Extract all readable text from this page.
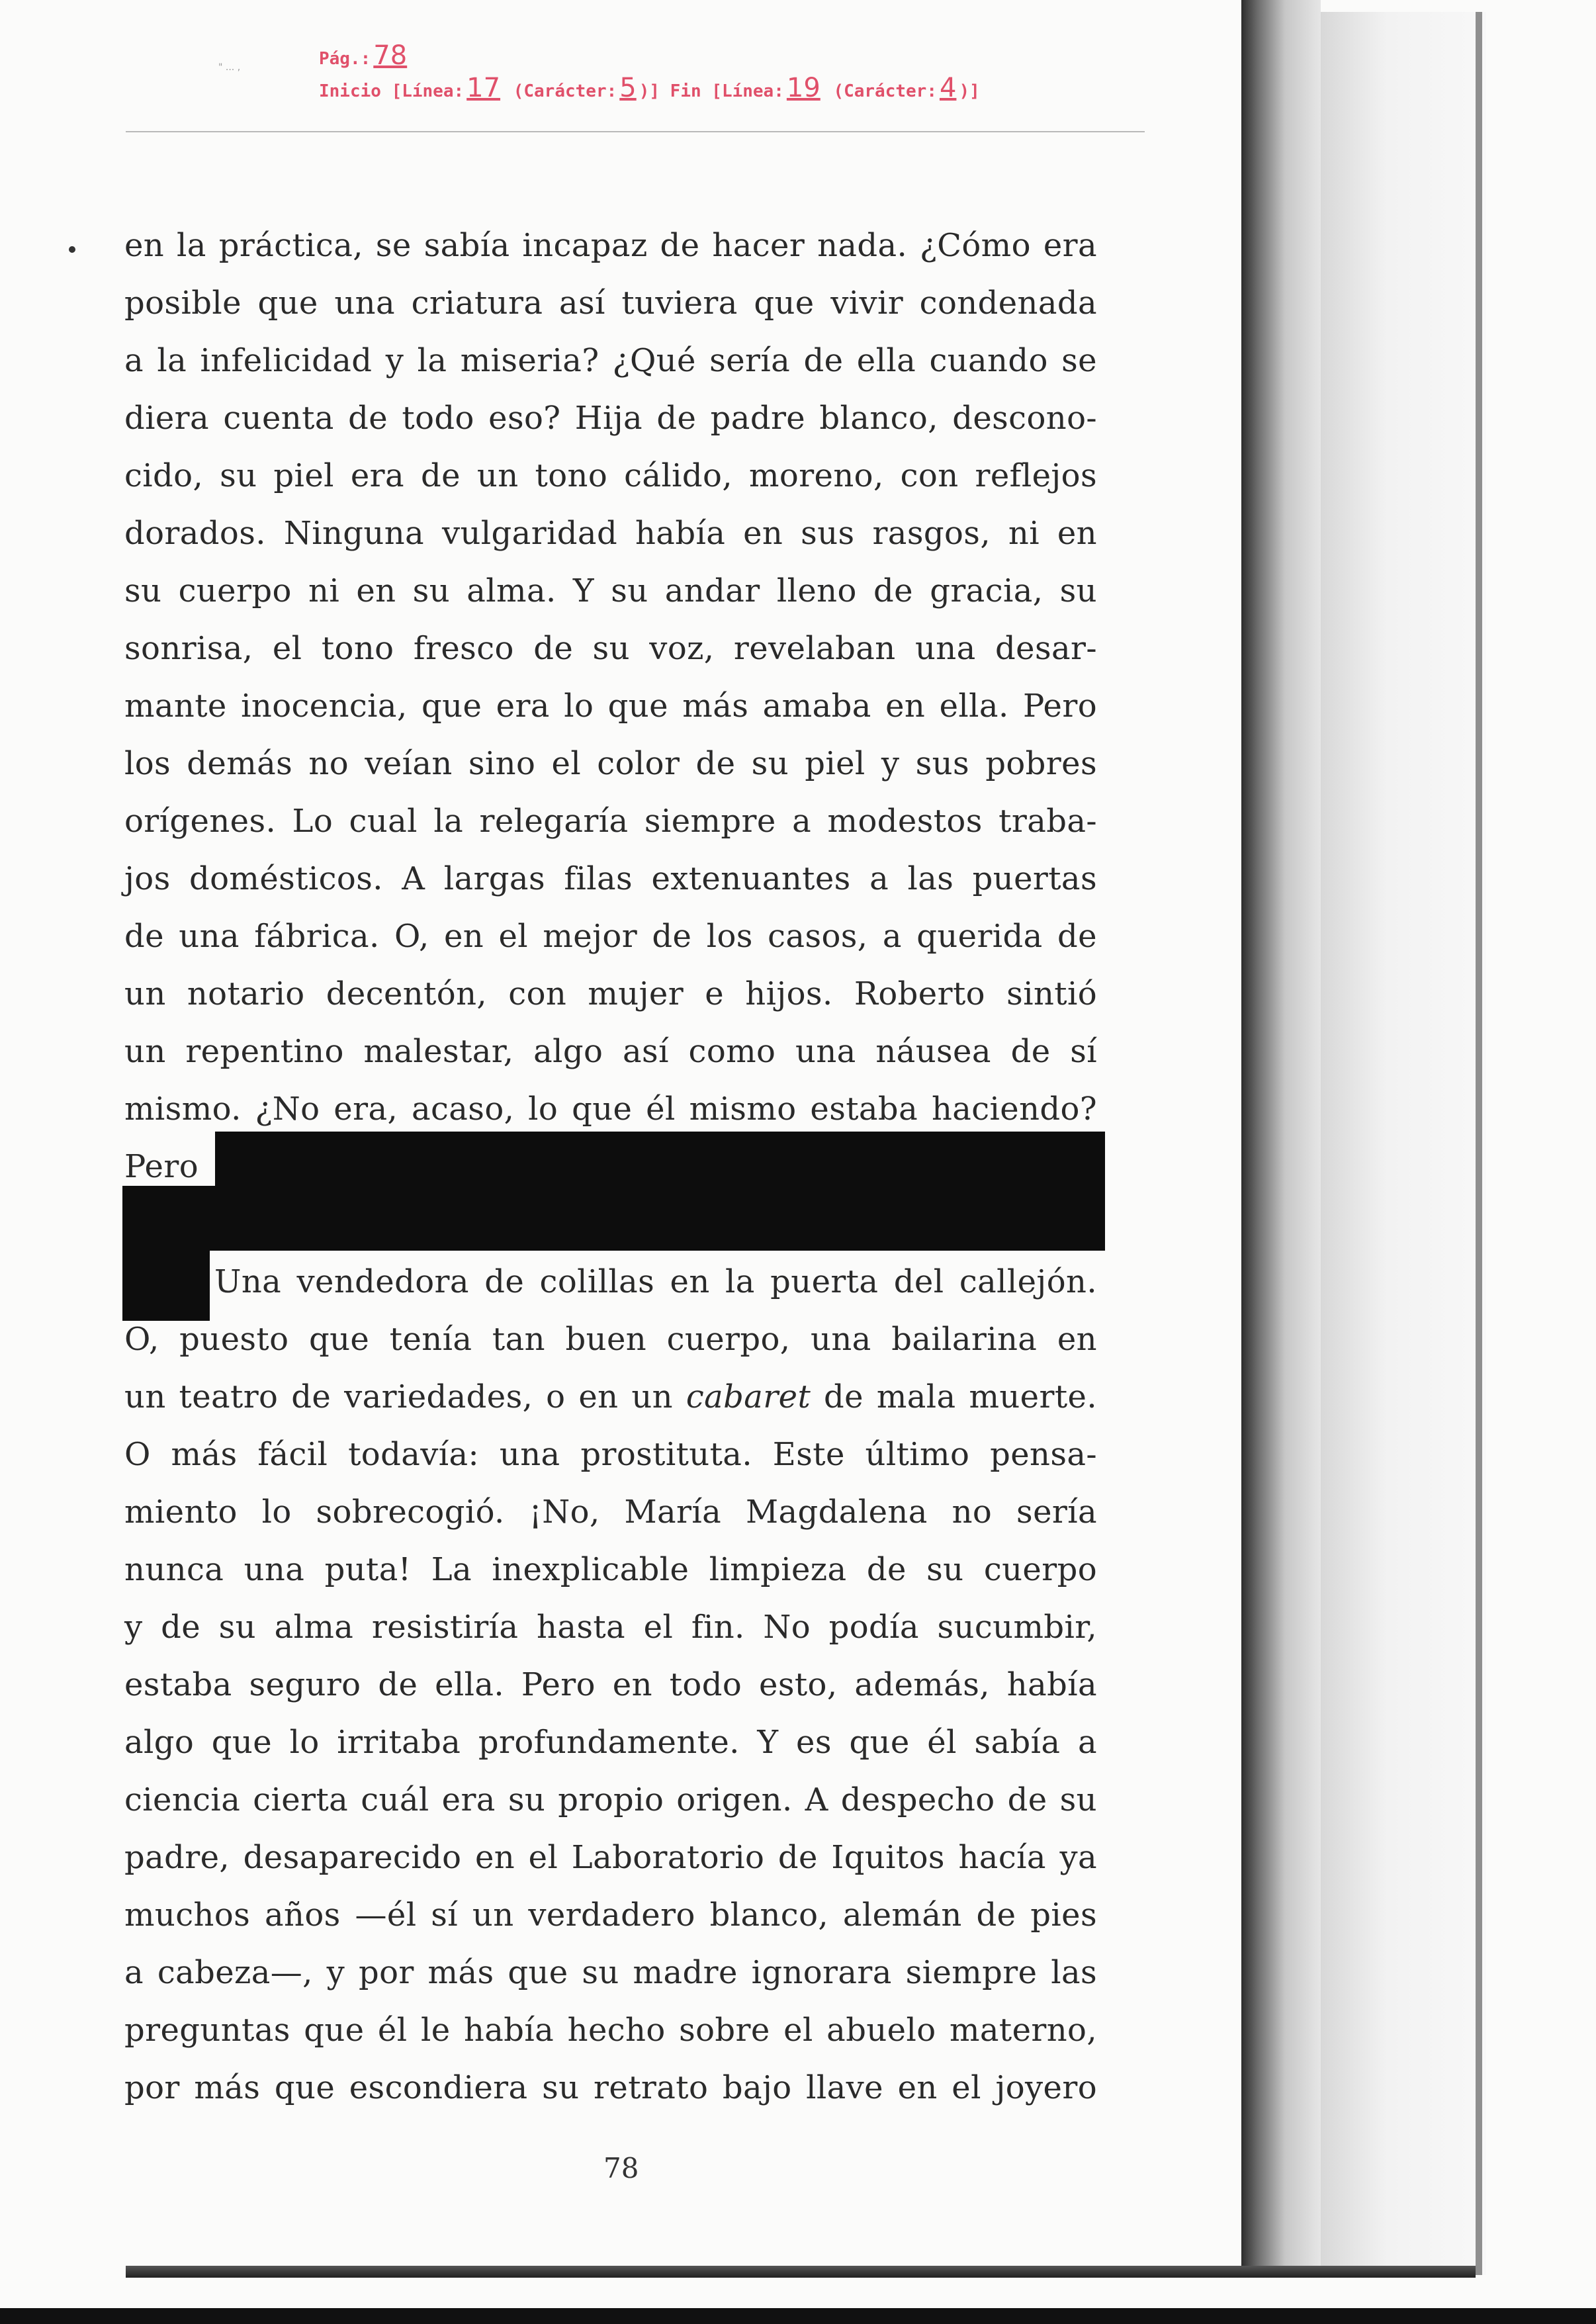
Pág.: 78
Inicio [Línea: 17 (Carácter: 5 )] Fin [Línea: 19 (Carácter: 4 )]
" ... ,
en la práctica, se sabía incapaz de hacer nada. ¿Cómo era
posible que una criatura así tuviera que vivir condenada
a la infelicidad y la miseria? ¿Qué sería de ella cuando se
diera cuenta de todo eso? Hija de padre blanco, descono-
cido, su piel era de un tono cálido, moreno, con reflejos
dorados. Ninguna vulgaridad había en sus rasgos, ni en
su cuerpo ni en su alma. Y su andar lleno de gracia, su
sonrisa, el tono fresco de su voz, revelaban una desar-
mante inocencia, que era lo que más amaba en ella. Pero
los demás no veían sino el color de su piel y sus pobres
orígenes. Lo cual la relegaría siempre a modestos traba-
jos domésticos. A largas filas extenuantes a las puertas
de una fábrica. O, en el mejor de los casos, a querida de
un notario decentón, con mujer e hijos. Roberto sintió
un repentino malestar, algo así como una náusea de sí
mismo. ¿No era, acaso, lo que él mismo estaba haciendo?
Pero

Una vendedora de colillas en la puerta del callejón.
O, puesto que tenía tan buen cuerpo, una bailarina en
un teatro de variedades, o en un cabaret de mala muerte.
O más fácil todavía: una prostituta. Este último pensa-
miento lo sobrecogió. ¡No, María Magdalena no sería
nunca una puta! La inexplicable limpieza de su cuerpo
y de su alma resistiría hasta el fin. No podía sucumbir,
estaba seguro de ella. Pero en todo esto, además, había
algo que lo irritaba profundamente. Y es que él sabía a
ciencia cierta cuál era su propio origen. A despecho de su
padre, desaparecido en el Laboratorio de Iquitos hacía ya
muchos años —él sí un verdadero blanco, alemán de pies
a cabeza—, y por más que su madre ignorara siempre las
preguntas que él le había hecho sobre el abuelo materno,
por más que escondiera su retrato bajo llave en el joyero
78
